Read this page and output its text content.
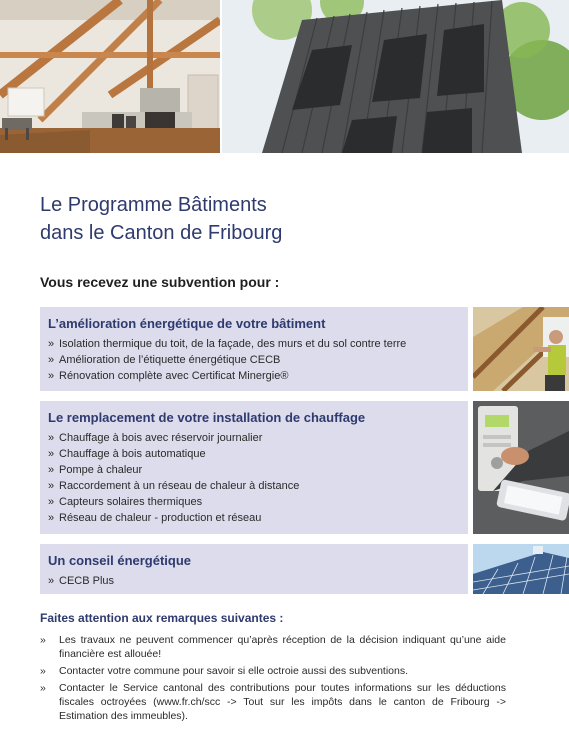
Le Programme Bâtiments
dans le Canton de Fribourg
Vous recevez une subvention pour :
L’amélioration énergétique de votre bâtiment
» Isolation thermique du toit, de la façade, des murs et du sol contre terre
» Amélioration de l’étiquette énergétique CECB
» Rénovation complète avec Certificat Minergie®
Le remplacement de votre installation de chauffage
» Chauffage à bois avec réservoir journalier
» Chauffage à bois automatique
» Pompe à chaleur
» Raccordement à un réseau de chaleur à distance
» Capteurs solaires thermiques
» Réseau de chaleur - production et réseau
Un conseil énergétique
» CECB Plus
Faites attention aux remarques suivantes :
» Les travaux ne peuvent commencer qu’après réception de la décision indiquant qu’une aide financière est allouée!
» Contacter votre commune pour savoir si elle octroie aussi des subventions.
» Contacter le Service cantonal des contributions pour toutes informations sur les déductions fiscales octroyées (www.fr.ch/scc -> Tout sur les impôts dans le canton de Fribourg -> Estimation des immeubles).
